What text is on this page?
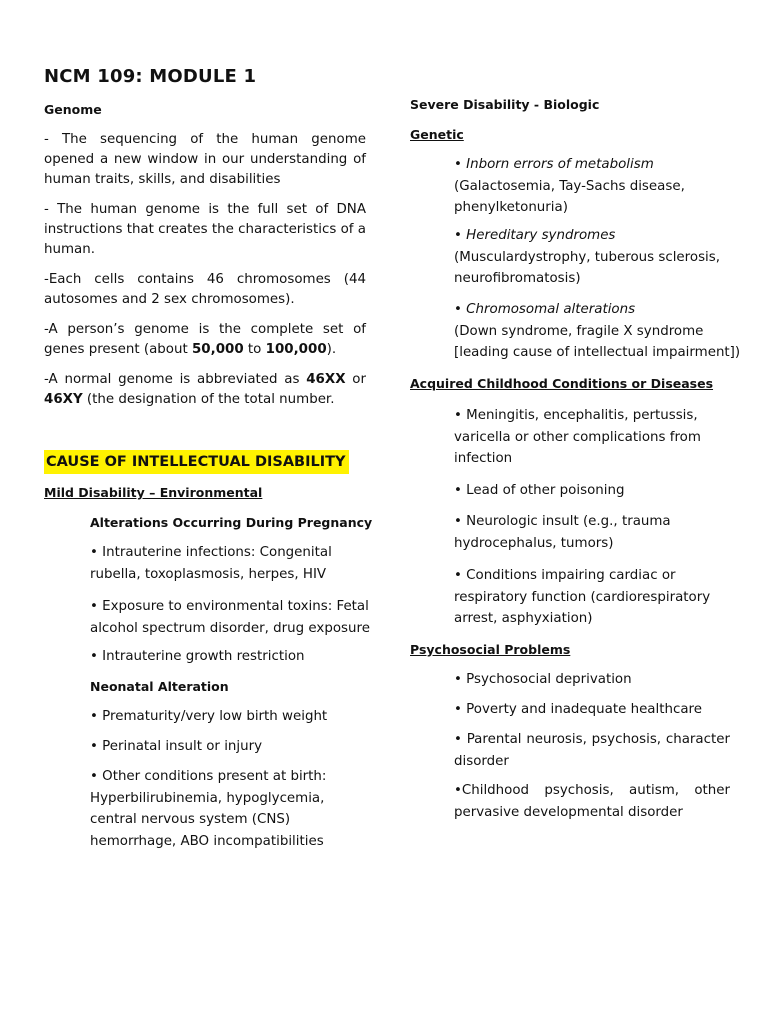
NCM 109: MODULE 1

Genome

- The sequencing of the human genome opened a new window in our understanding of human traits, skills, and disabilities

- The human genome is the full set of DNA instructions that creates the characteristics of a human.

-Each cells contains 46 chromosomes (44 autosomes and 2 sex chromosomes).

-A person’s genome is the complete set of genes present (about 50,000 to 100,000).

-A normal genome is abbreviated as 46XX or 46XY (the designation of the total number.

CAUSE OF INTELLECTUAL DISABILITY

Mild Disability – Environmental

Alterations Occurring During Pregnancy

• Intrauterine infections: Congenital rubella, toxoplasmosis, herpes, HIV

• Exposure to environmental toxins: Fetal alcohol spectrum disorder, drug exposure

• Intrauterine growth restriction

Neonatal Alteration

• Prematurity/very low birth weight

• Perinatal insult or injury

• Other conditions present at birth: Hyperbilirubinemia, hypoglycemia, central nervous system (CNS) hemorrhage, ABO incompatibilities

Severe Disability - Biologic

Genetic

• Inborn errors of metabolism
(Galactosemia, Tay-Sachs disease, phenylketonuria)

• Hereditary syndromes
(Musculardystrophy, tuberous sclerosis, neurofibromatosis)

• Chromosomal alterations
(Down syndrome, fragile X syndrome [leading cause of intellectual impairment])

Acquired Childhood Conditions or Diseases

• Meningitis, encephalitis, pertussis, varicella or other complications from infection

• Lead of other poisoning

• Neurologic insult (e.g., trauma hydrocephalus, tumors)

• Conditions impairing cardiac or respiratory function (cardiorespiratory arrest, asphyxiation)

Psychosocial Problems

• Psychosocial deprivation

• Poverty and inadequate healthcare

• Parental neurosis, psychosis, character disorder

•Childhood psychosis, autism, other pervasive developmental disorder
